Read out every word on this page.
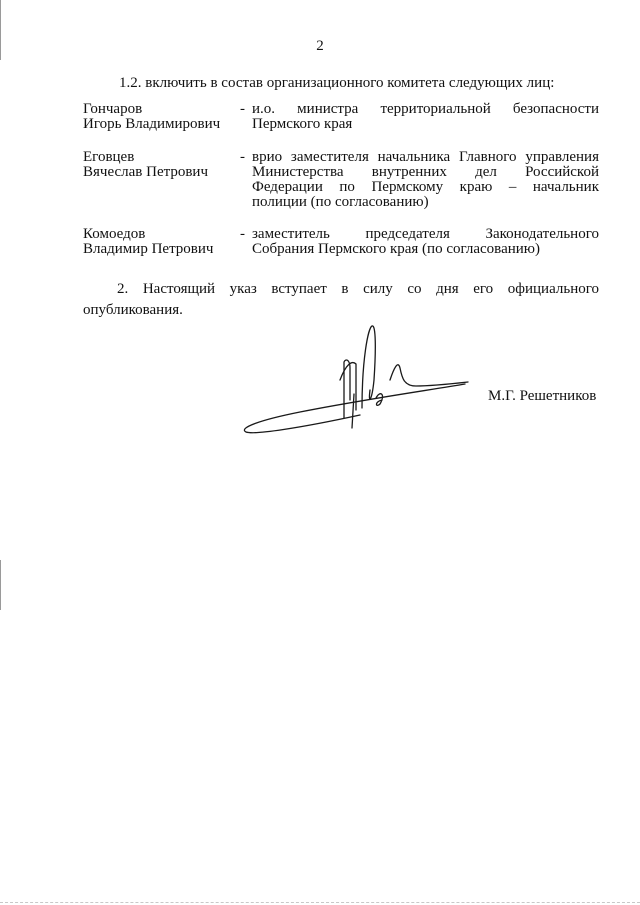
2
1.2. включить в состав организационного комитета следующих лиц:
Гончаров
Игорь Владимирович
- и.о. министра территориальной безопасности
Пермского края
Еговцев
Вячеслав Петрович
- врио заместителя начальника Главного управления
Министерства внутренних дел Российской
Федерации по Пермскому краю – начальник
полиции (по согласованию)
Комоедов
Владимир Петрович
- заместитель председателя Законодательного
Собрания Пермского края (по согласованию)
2. Настоящий указ вступает в силу со дня его официального
опубликования.
М.Г. Решетников
